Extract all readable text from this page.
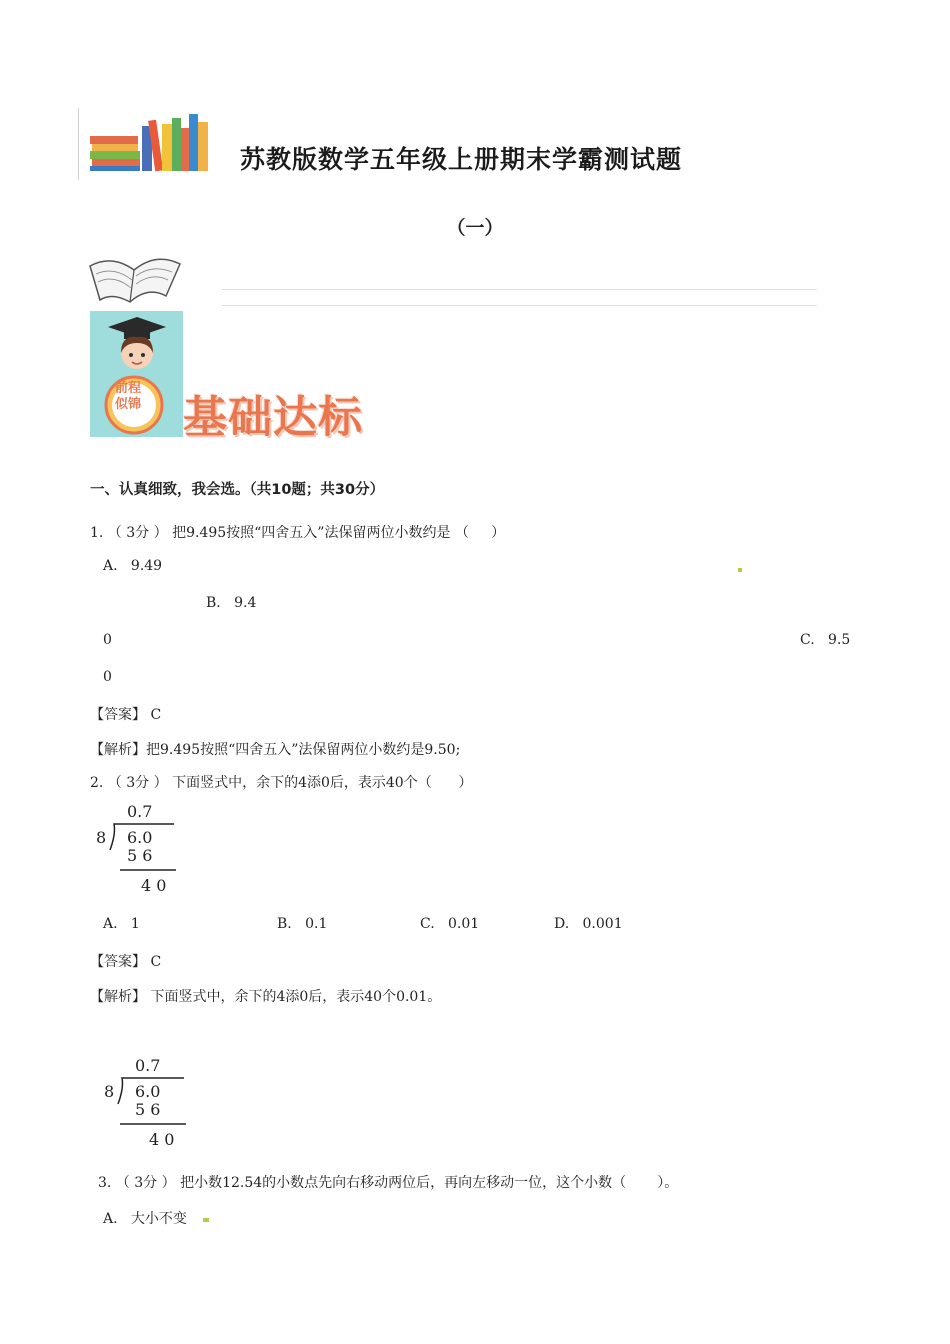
苏教版数学五年级上册期末学霸测试题
（一）
前程
似锦 基础达标
一、认真细致，我会选。（共10题；共30分）
1. （ 3分 ） 把9.495按照“四舍五入”法保留两位小数约是 （     ）
A.   9.49
B.   9.4
0	C.   9.5
0
【答案】 C
【解析】把9.495按照“四舍五入”法保留两位小数约是9.50;
2. （ 3分 ） 下面竖式中，余下的4添0后，表示40个（      ）
0.7
8 6.0
5 6
4 0
A.   1	B.   0.1	C.   0.01	D.   0.001
【答案】 C
【解析】 下面竖式中，余下的4添0后，表示40个0.01。
0.7
8 6.0
5 6
4 0
3. （ 3分 ） 把小数12.54的小数点先向右移动两位后，再向左移动一位，这个小数（       ）。
A.   大小不变
